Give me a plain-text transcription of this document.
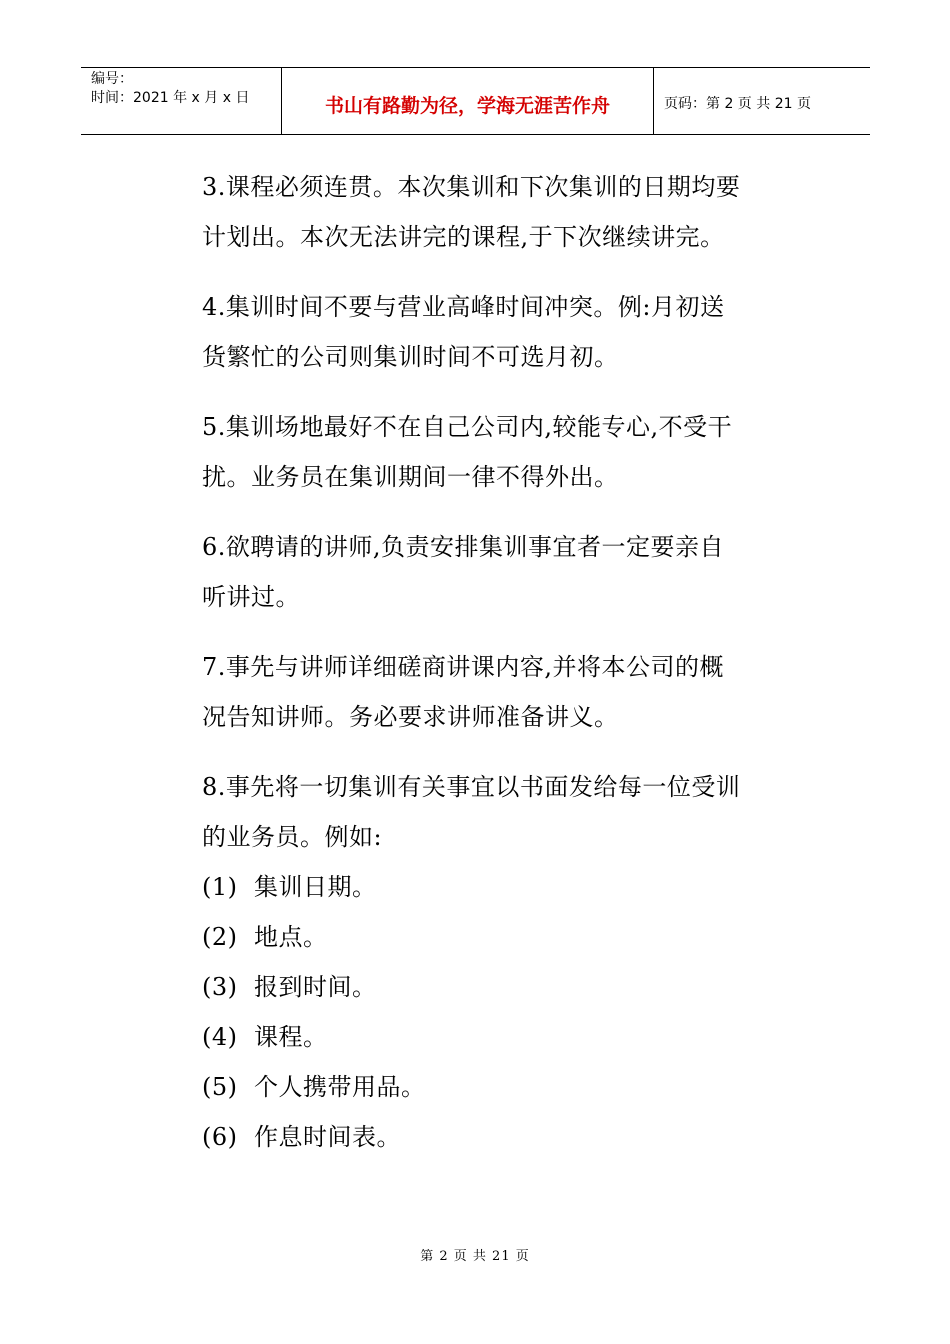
编号：
时间：2021 年 x 月 x 日	书山有路勤为径，学海无涯苦作舟	页码：第 2 页 共 21 页

3.课程必须连贯。本次集训和下次集训的日期均要计划出。本次无法讲完的课程,于下次继续讲完。

4.集训时间不要与营业高峰时间冲突。例:月初送货繁忙的公司则集训时间不可选月初。

5.集训场地最好不在自己公司内,较能专心,不受干扰。业务员在集训期间一律不得外出。

6.欲聘请的讲师,负责安排集训事宜者一定要亲自听讲过。

7.事先与讲师详细磋商讲课内容,并将本公司的概况告知讲师。务必要求讲师准备讲义。

8.事先将一切集训有关事宜以书面发给每一位受训的业务员。例如:

(1) 集训日期。
(2) 地点。
(3) 报到时间。
(4) 课程。
(5) 个人携带用品。
(6) 作息时间表。
第 2 页 共 21 页
